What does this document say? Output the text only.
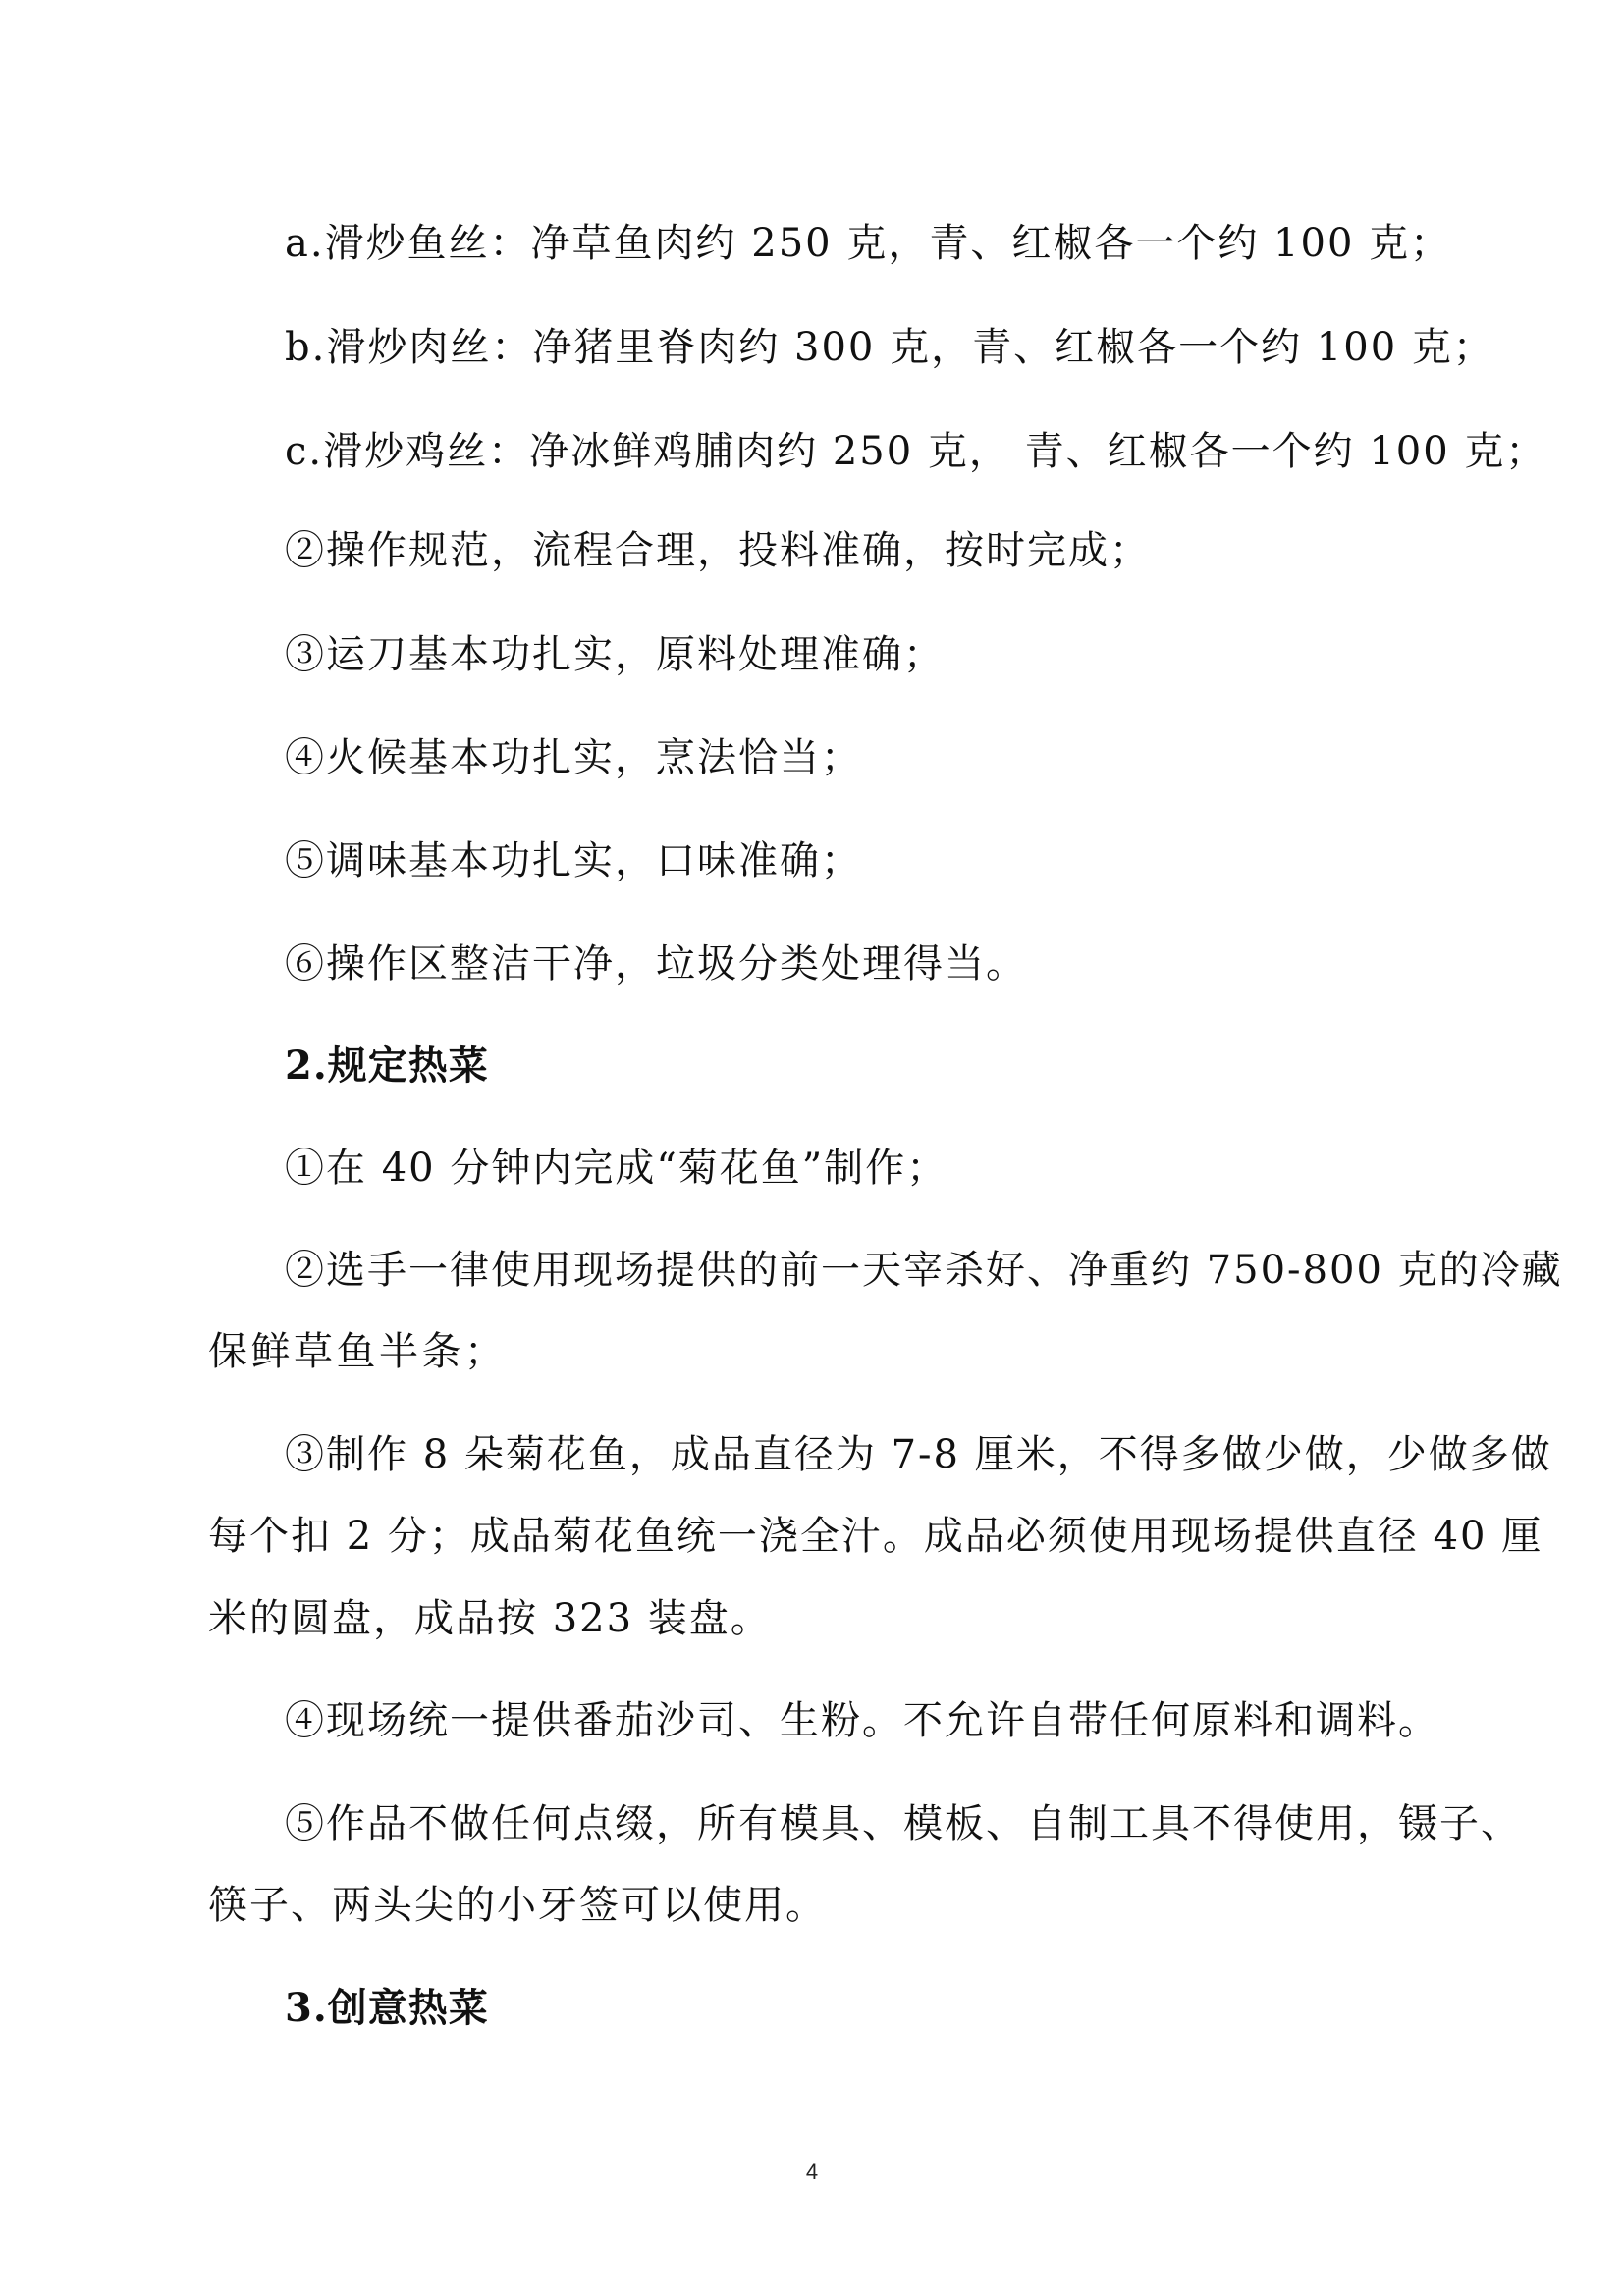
a.滑炒鱼丝：净草鱼肉约 250 克，青、红椒各一个约 100 克；
b.滑炒肉丝：净猪里脊肉约 300 克，青、红椒各一个约 100 克；
c.滑炒鸡丝：净冰鲜鸡脯肉约 250 克， 青、红椒各一个约 100 克；
②操作规范，流程合理，投料准确，按时完成；
③运刀基本功扎实，原料处理准确；
④火候基本功扎实，烹法恰当；
⑤调味基本功扎实，口味准确；
⑥操作区整洁干净，垃圾分类处理得当。
2.规定热菜
①在 40 分钟内完成“菊花鱼”制作；
②选手一律使用现场提供的前一天宰杀好、净重约 750-800 克的冷藏
保鲜草鱼半条；
③制作 8 朵菊花鱼，成品直径为 7-8 厘米，不得多做少做，少做多做
每个扣 2 分；成品菊花鱼统一浇全汁。成品必须使用现场提供直径 40 厘
米的圆盘，成品按 323 装盘。
④现场统一提供番茄沙司、生粉。不允许自带任何原料和调料。
⑤作品不做任何点缀，所有模具、模板、自制工具不得使用，镊子、
筷子、两头尖的小牙签可以使用。
3.创意热菜
4
